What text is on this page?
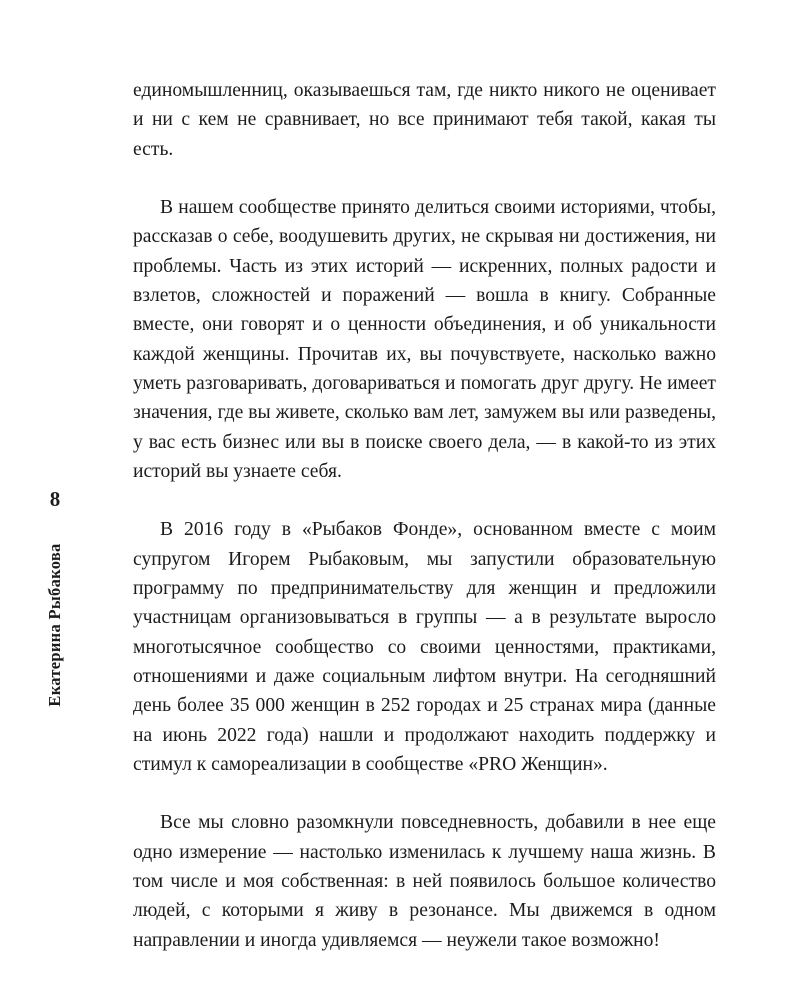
8
Екатерина Рыбакова

единомышленниц, оказываешься там, где никто никого не оценивает и ни с кем не сравнивает, но все принимают тебя такой, какая ты есть.

В нашем сообществе принято делиться своими историями, чтобы, рассказав о себе, воодушевить других, не скрывая ни достижения, ни проблемы. Часть из этих историй — искренних, полных радости и взлетов, сложностей и поражений — вошла в книгу. Собранные вместе, они говорят и о ценности объединения, и об уникальности каждой женщины. Прочитав их, вы почувствуете, насколько важно уметь разговаривать, договариваться и помогать друг другу. Не имеет значения, где вы живете, сколько вам лет, замужем вы или разведены, у вас есть бизнес или вы в поиске своего дела, — в какой-то из этих историй вы узнаете себя.

В 2016 году в «Рыбаков Фонде», основанном вместе с моим супругом Игорем Рыбаковым, мы запустили образовательную программу по предпринимательству для женщин и предложили участницам организовываться в группы — а в результате выросло многотысячное сообщество со своими ценностями, практиками, отношениями и даже социальным лифтом внутри. На сегодняшний день более 35 000 женщин в 252 городах и 25 странах мира (данные на июнь 2022 года) нашли и продолжают находить поддержку и стимул к самореализации в сообществе «PRO Женщин».

Все мы словно разомкнули повседневность, добавили в нее еще одно измерение — настолько изменилась к лучшему наша жизнь. В том числе и моя собственная: в ней появилось большое количество людей, с которыми я живу в резонансе. Мы движемся в одном направлении и иногда удивляемся — неужели такое возможно!
